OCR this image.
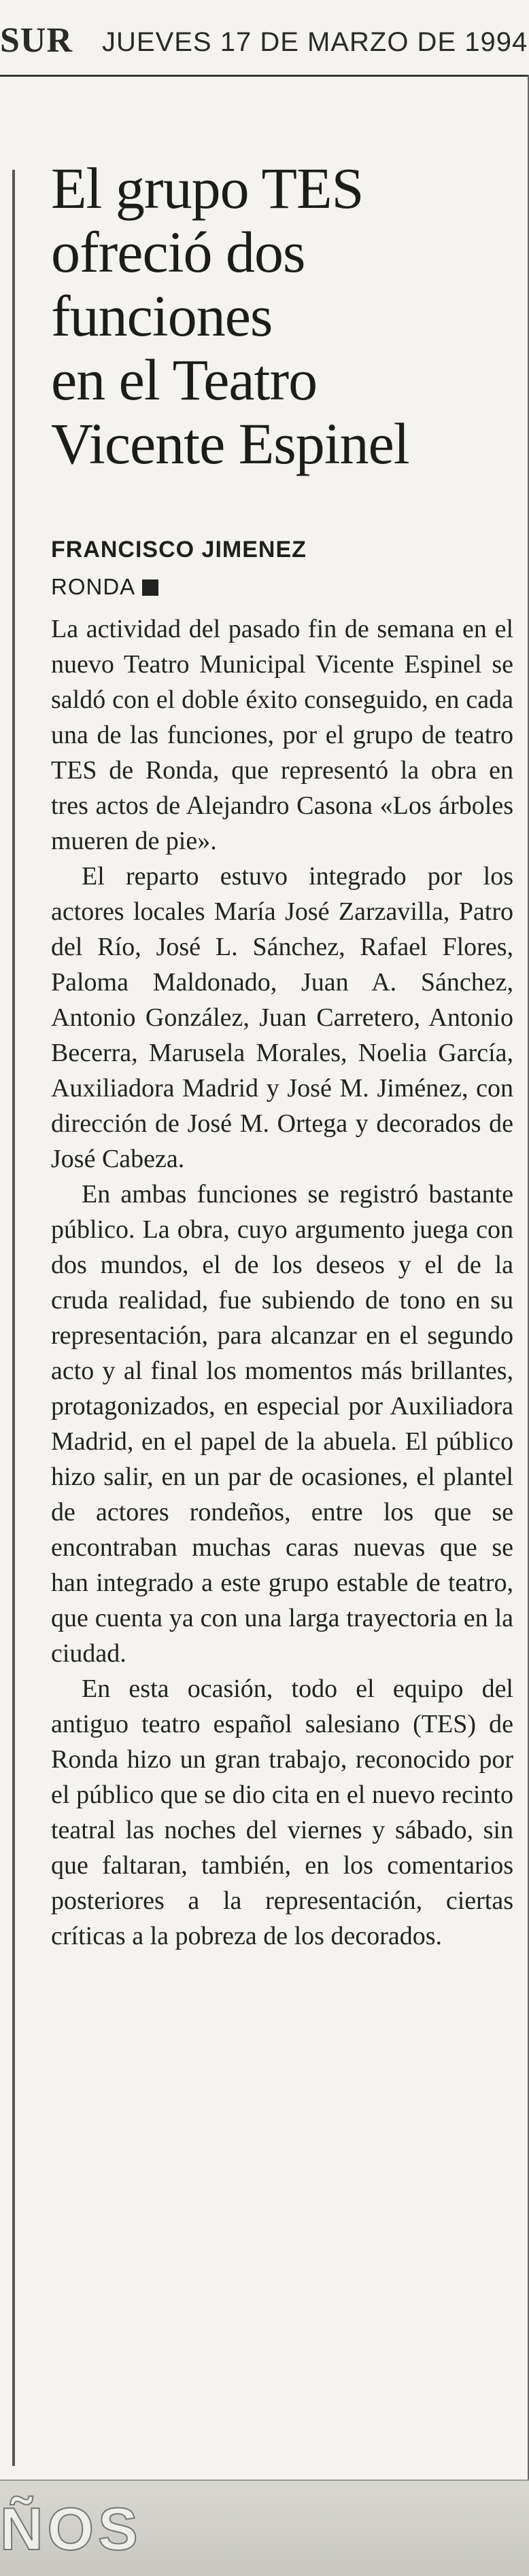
SUR JUEVES 17 DE MARZO DE 1994
El grupo TES
ofreció dos
funciones
en el Teatro
Vicente Espinel
FRANCISCO JIMENEZ
RONDA

La actividad del pasado fin de semana en el nuevo Teatro Municipal Vicente Espinel se saldó con el doble éxito conseguido, en cada una de las funciones, por el grupo de teatro TES de Ronda, que representó la obra en tres actos de Alejandro Casona «Los árboles mueren de pie».

El reparto estuvo integrado por los actores locales María José Zarzavilla, Patro del Río, José L. Sánchez, Rafael Flores, Paloma Maldonado, Juan A. Sánchez, Antonio González, Juan Carretero, Antonio Becerra, Marusela Morales, Noelia García, Auxiliadora Madrid y José M. Jiménez, con dirección de José M. Ortega y decorados de José Cabeza.

En ambas funciones se registró bastante público. La obra, cuyo argumento juega con dos mundos, el de los deseos y el de la cruda realidad, fue subiendo de tono en su representación, para alcanzar en el segundo acto y al final los momentos más brillantes, protagonizados, en especial por Auxiliadora Madrid, en el papel de la abuela. El público hizo salir, en un par de ocasiones, el plantel de actores rondeños, entre los que se encontraban muchas caras nuevas que se han integrado a este grupo estable de teatro, que cuenta ya con una larga trayectoria en la ciudad.

En esta ocasión, todo el equipo del antiguo teatro español salesiano (TES) de Ronda hizo un gran trabajo, reconocido por el público que se dio cita en el nuevo recinto teatral las noches del viernes y sábado, sin que faltaran, también, en los comentarios posteriores a la representación, ciertas críticas a la pobreza de los decorados.

ÑOS
